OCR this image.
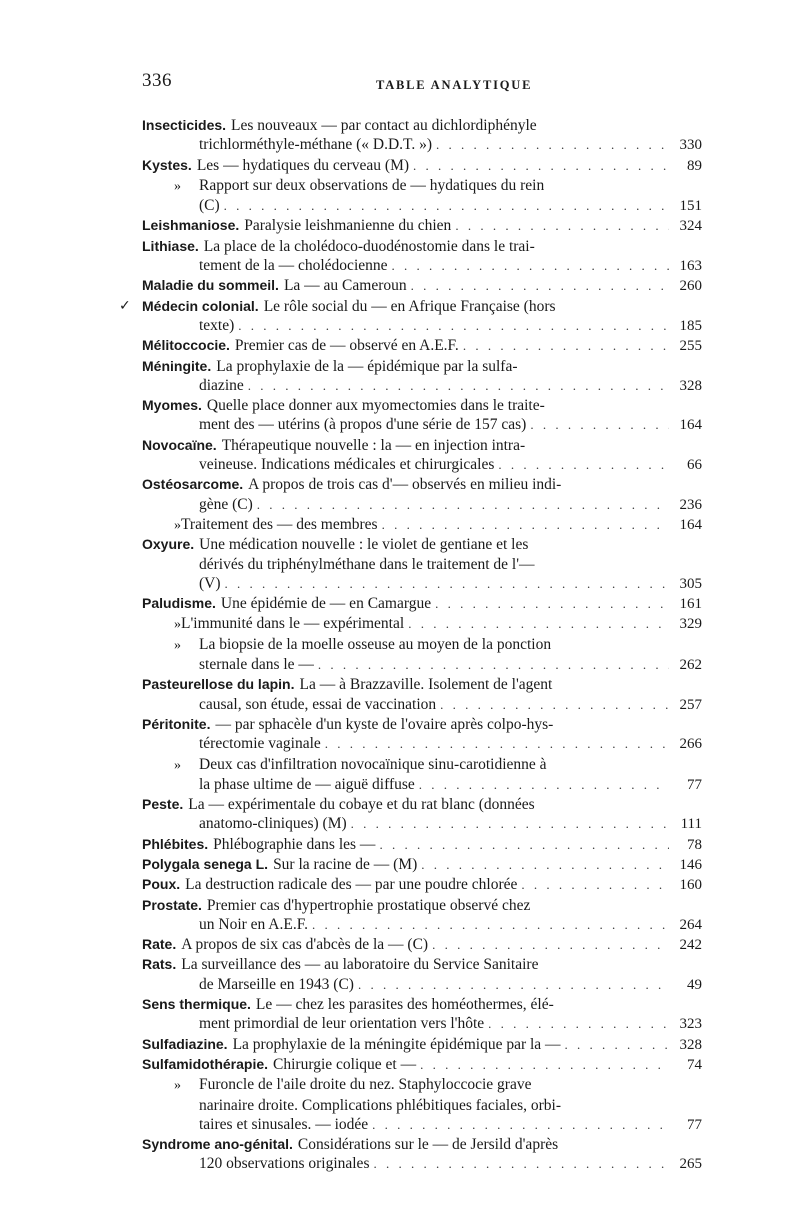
336	TABLE ANALYTIQUE
Insecticides. Les nouveaux — par contact au dichlordiphényle
trichlorméthyle-méthane (« D.D.T. ») . . .	330
Kystes. Les — hydatiques du cerveau (M) . . .	89
»	Rapport sur deux observations de — hydatiques du rein
(C) . . .	151
Leishmaniose. Paralysie leishmanienne du chien . . .	324
Lithiase. La place de la cholédoco-duodénostomie dans le trai-
tement de la — cholédocienne . . .	163
Maladie du sommeil. La — au Cameroun . . .	260
✓ Médecin colonial. Le rôle social du — en Afrique Française (hors
texte) . . .	185
Mélitoccocie. Premier cas de — observé en A.E.F. . . .	255
Méningite. La prophylaxie de la — épidémique par la sulfa-
diazine . . .	328
Myomes. Quelle place donner aux myomectomies dans le traite-
ment des — utérins (à propos d'une série de 157 cas) . . .	164
Novocaïne. Thérapeutique nouvelle : la — en injection intra-
veineuse. Indications médicales et chirurgicales . . .	66
Ostéosarcome. A propos de trois cas d'— observés en milieu indi-
gène (C) . . .	236
» Traitement des — des membres . . .	164
Oxyure. Une médication nouvelle : le violet de gentiane et les
dérivés du triphénylméthane dans le traitement de l'—
(V) . . .	305
Paludisme. Une épidémie de — en Camargue . . .	161
» L'immunité dans le — expérimental . . .	329
»	La biopsie de la moelle osseuse au moyen de la ponction
sternale dans le — . . .	262
Pasteurellose du lapin. La — à Brazzaville. Isolement de l'agent
causal, son étude, essai de vaccination . . .	257
Péritonite. — par sphacèle d'un kyste de l'ovaire après colpo-hys-
térectomie vaginale . . .	266
»	Deux cas d'infiltration novocaïnique sinu-carotidienne à
la phase ultime de — aiguë diffuse . . .	77
Peste. La — expérimentale du cobaye et du rat blanc (données
anatomo-cliniques) (M) . . .	111
Phlébites. Phlébographie dans les — . . .	78
Polygala senega L. Sur la racine de — (M) . . .	146
Poux. La destruction radicale des — par une poudre chlorée . . .	160
Prostate. Premier cas d'hypertrophie prostatique observé chez
un Noir en A.E.F. . . .	264
Rate. A propos de six cas d'abcès de la — (C) . . .	242
Rats. La surveillance des — au laboratoire du Service Sanitaire
de Marseille en 1943 (C) . . .	49
Sens thermique. Le — chez les parasites des homéothermes, élé-
ment primordial de leur orientation vers l'hôte . . .	323
Sulfadiazine. La prophylaxie de la méningite épidémique par la — . . .	328
Sulfamidothérapie. Chirurgie colique et — . . .	74
»	Furoncle de l'aile droite du nez. Staphyloccocie grave
narinaire droite. Complications phlébitiques faciales, orbi-
taires et sinusales. — iodée . . .	77
Syndrome ano-génital. Considérations sur le — de Jersild d'après
120 observations originales . . .	265
